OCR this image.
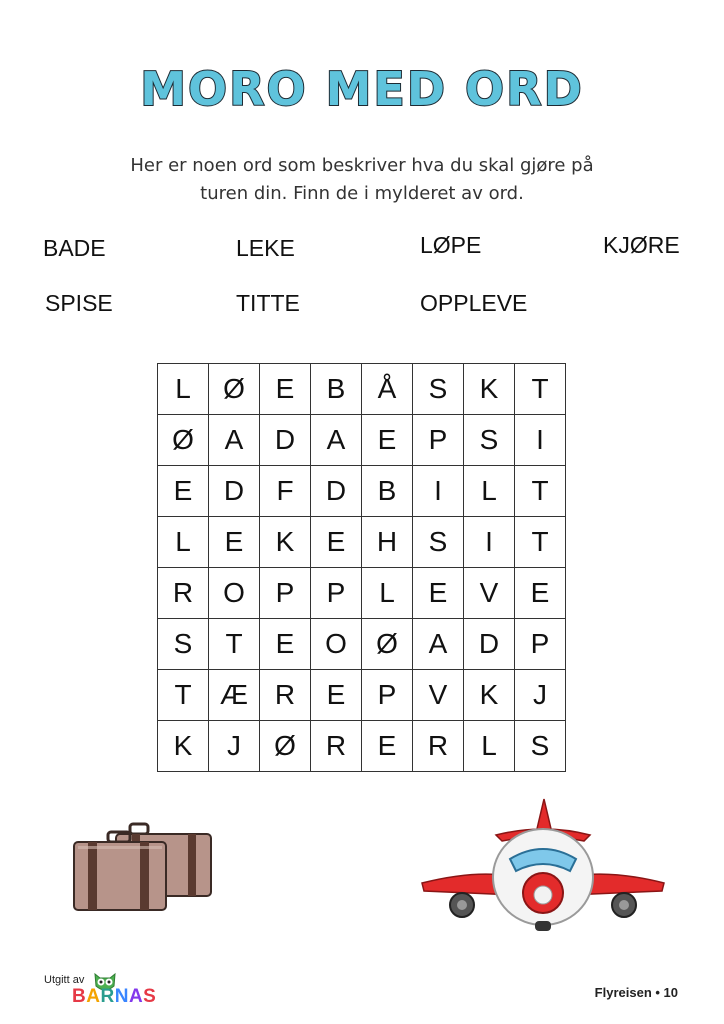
MORO MED ORD
Her er noen ord som beskriver hva du skal gjøre på
turen din. Finn de i mylderet av ord.
BADE	LEKE	LØPE	KJØRE
SPISE	TITTE	OPPLEVE
L	Ø	E	B	Å	S	K	T
Ø	A	D	A	E	P	S	I
E	D	F	D	B	I	L	T
L	E	K	E	H	S	I	T
R	O	P	P	L	E	V	E
S	T	E	O	Ø	A	D	P
T	Æ	R	E	P	V	K	J
K	J	Ø	R	E	R	L	S
Utgitt av
BARNAS	Flyreisen • 10
